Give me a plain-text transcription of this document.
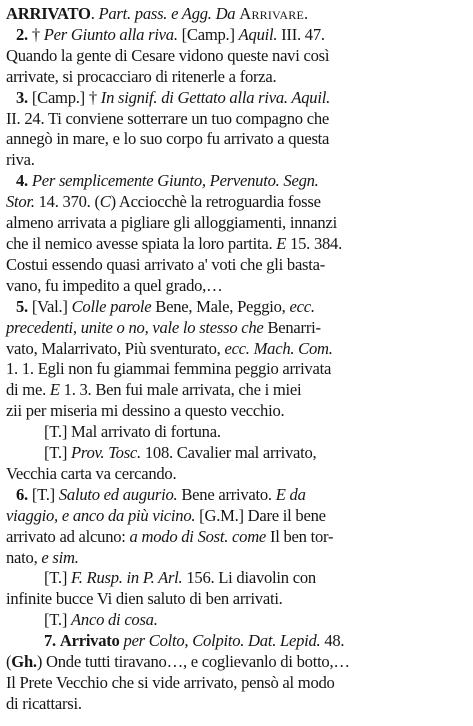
ARRIVATO. Part. pass. e Agg. Da Arrivare.
2. † Per Giunto alla riva. [Camp.] Aquil. III. 47.
Quando la gente di Cesare vidono queste navi così
arrivate, si procacciaro di ritenerle a forza.
3. [Camp.] † In signif. di Gettato alla riva. Aquil.
II. 24. Ti conviene sotterrare un tuo compagno che
annegò in mare, e lo suo corpo fu arrivato a questa
riva.
4. Per semplicemente Giunto, Pervenuto. Segn.
Stor. 14. 370. (C) Acciocchè la retroguardia fosse
almeno arrivata a pigliare gli alloggiamenti, innanzi
che il nemico avesse spiata la loro partita. E 15. 384.
Costui essendo quasi arrivato a' voti che gli basta-
vano, fu impedito a quel grado,…
5. [Val.] Colle parole Bene, Male, Peggio, ecc.
precedenti, unite o no, vale lo stesso che Benarri-
vato, Malarrivato, Più sventurato, ecc. Mach. Com.
1. 1. Egli non fu giammai femmina peggio arrivata
di me. E 1. 3. Ben fui male arrivata, che i miei
zii per miseria mi dessino a questo vecchio.
[T.] Mal arrivato di fortuna.
[T.] Prov. Tosc. 108. Cavalier mal arrivato,
Vecchia carta va cercando.
6. [T.] Saluto ed augurio. Bene arrivato. E da
viaggio, e anco da più vicino. [G.M.] Dare il bene
arrivato ad alcuno: a modo di Sost. come Il ben tor-
nato, e sim.
[T.] F. Rusp. in P. Arl. 156. Li diavolin con
infinite bucce Vi dien saluto di ben arrivati.
[T.] Anco di cosa.
7. Arrivato per Colto, Colpito. Dat. Lepid. 48.
(Gh.) Onde tutti tiravano…, e coglievanlo di botto,…
Il Prete Vecchio che si vide arrivato, pensò al modo
di ricattarsi.
